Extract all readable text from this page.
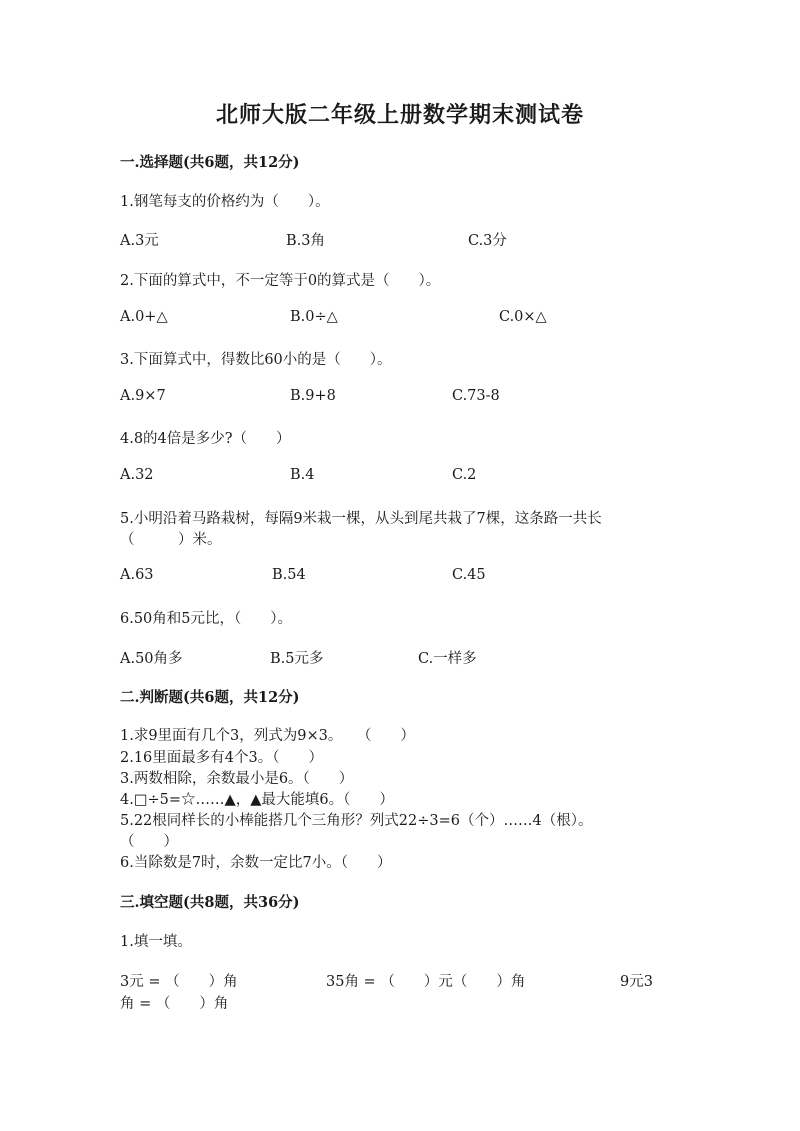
北师大版二年级上册数学期末测试卷
一.选择题(共6题，共12分)
1.钢笔每支的价格约为（　　）。
A.3元	B.3角	C.3分
2.下面的算式中，不一定等于0的算式是（　　）。
A.0+△	B.0÷△	C.0×△
3.下面算式中，得数比60小的是（　　）。
A.9×7	B.9+8	C.73-8
4.8的4倍是多少?（　　）
A.32	B.4	C.2
5.小明沿着马路栽树，每隔9米栽一棵，从头到尾共栽了7棵，这条路一共长
（　　　）米。
A.63	B.54	C.45
6.50角和5元比，（　　）。
A.50角多	B.5元多	C.一样多
二.判断题(共6题，共12分)
1.求9里面有几个3，列式为9×3。　　（　　）
2.16里面最多有4个3。（　　）
3.两数相除，余数最小是6。（　　）
4.□÷5=☆……▲，▲最大能填6。（　　）
5.22根同样长的小棒能搭几个三角形？列式22÷3=6（个）……4（根）。
（　　）
6.当除数是7时，余数一定比7小。（　　）
三.填空题(共8题，共36分)
1.填一填。
3元 = （　　）角	35角 = （　　）元（　　）角	9元3
角 = （　　）角
